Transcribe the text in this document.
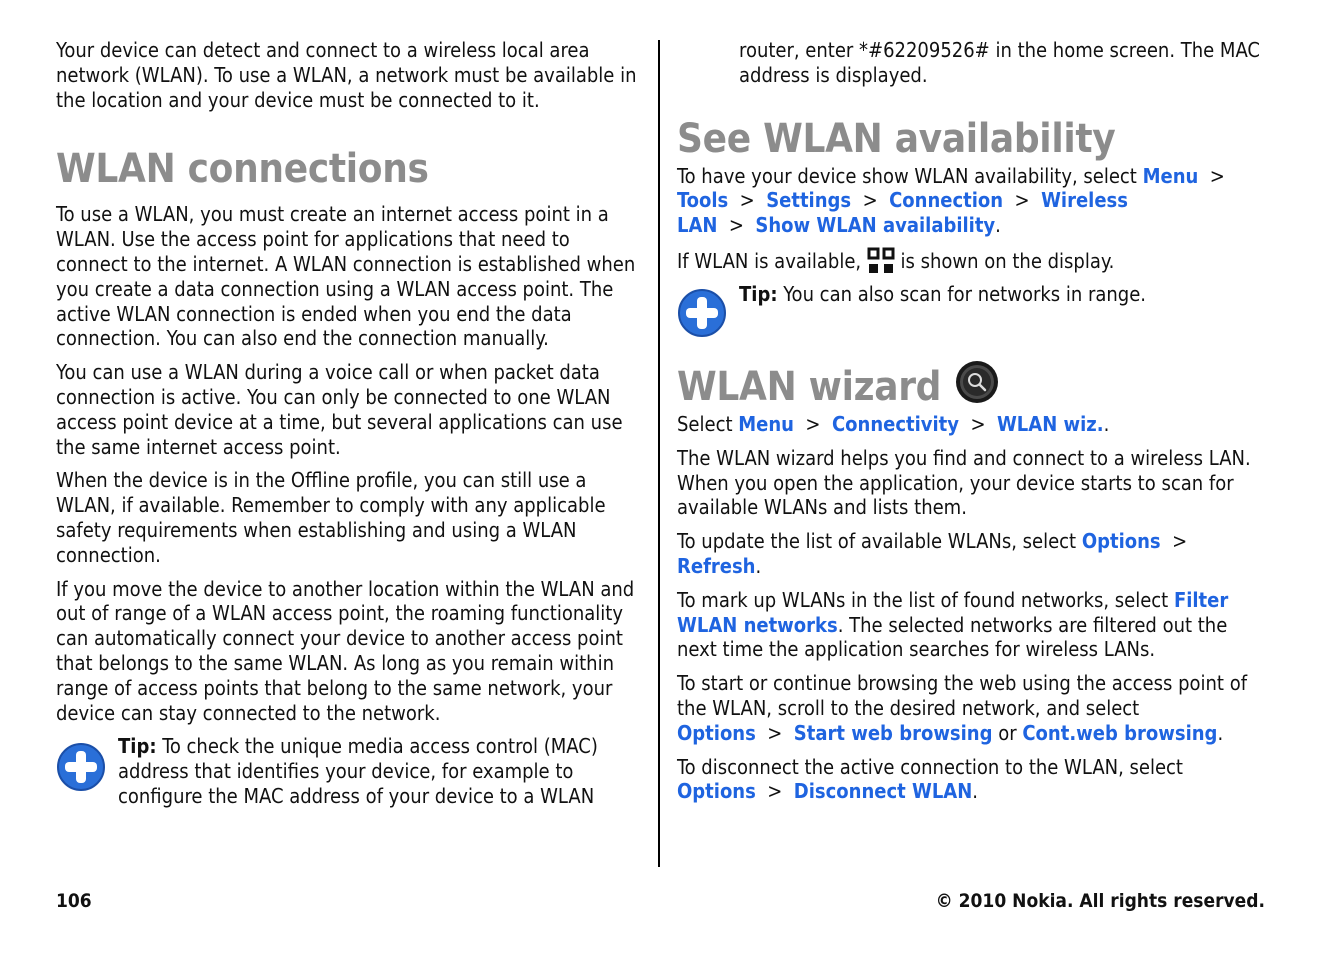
Your device can detect and connect to a wireless local area network (WLAN). To use a WLAN, a network must be available in the location and your device must be connected to it.

WLAN connections

To use a WLAN, you must create an internet access point in a WLAN. Use the access point for applications that need to connect to the internet. A WLAN connection is established when you create a data connection using a WLAN access point. The active WLAN connection is ended when you end the data connection. You can also end the connection manually.

You can use a WLAN during a voice call or when packet data connection is active. You can only be connected to one WLAN access point device at a time, but several applications can use the same internet access point.

When the device is in the Offline profile, you can still use a WLAN, if available. Remember to comply with any applicable safety requirements when establishing and using a WLAN connection.

If you move the device to another location within the WLAN and out of range of a WLAN access point, the roaming functionality can automatically connect your device to another access point that belongs to the same WLAN. As long as you remain within range of access points that belong to the same network, your device can stay connected to the network.

Tip: To check the unique media access control (MAC) address that identifies your device, for example to configure the MAC address of your device to a WLAN

router, enter *#62209526# in the home screen. The MAC address is displayed.

See WLAN availability

To have your device show WLAN availability, select Menu > Tools > Settings > Connection > Wireless LAN > Show WLAN availability.

If WLAN is available,  is shown on the display.

Tip: You can also scan for networks in range.

WLAN wizard

Select Menu > Connectivity > WLAN wiz..

The WLAN wizard helps you find and connect to a wireless LAN. When you open the application, your device starts to scan for available WLANs and lists them.

To update the list of available WLANs, select Options > Refresh.

To mark up WLANs in the list of found networks, select Filter WLAN networks. The selected networks are filtered out the next time the application searches for wireless LANs.

To start or continue browsing the web using the access point of the WLAN, scroll to the desired network, and select Options > Start web browsing or Cont.web browsing.

To disconnect the active connection to the WLAN, select Options > Disconnect WLAN.

106	© 2010 Nokia. All rights reserved.
